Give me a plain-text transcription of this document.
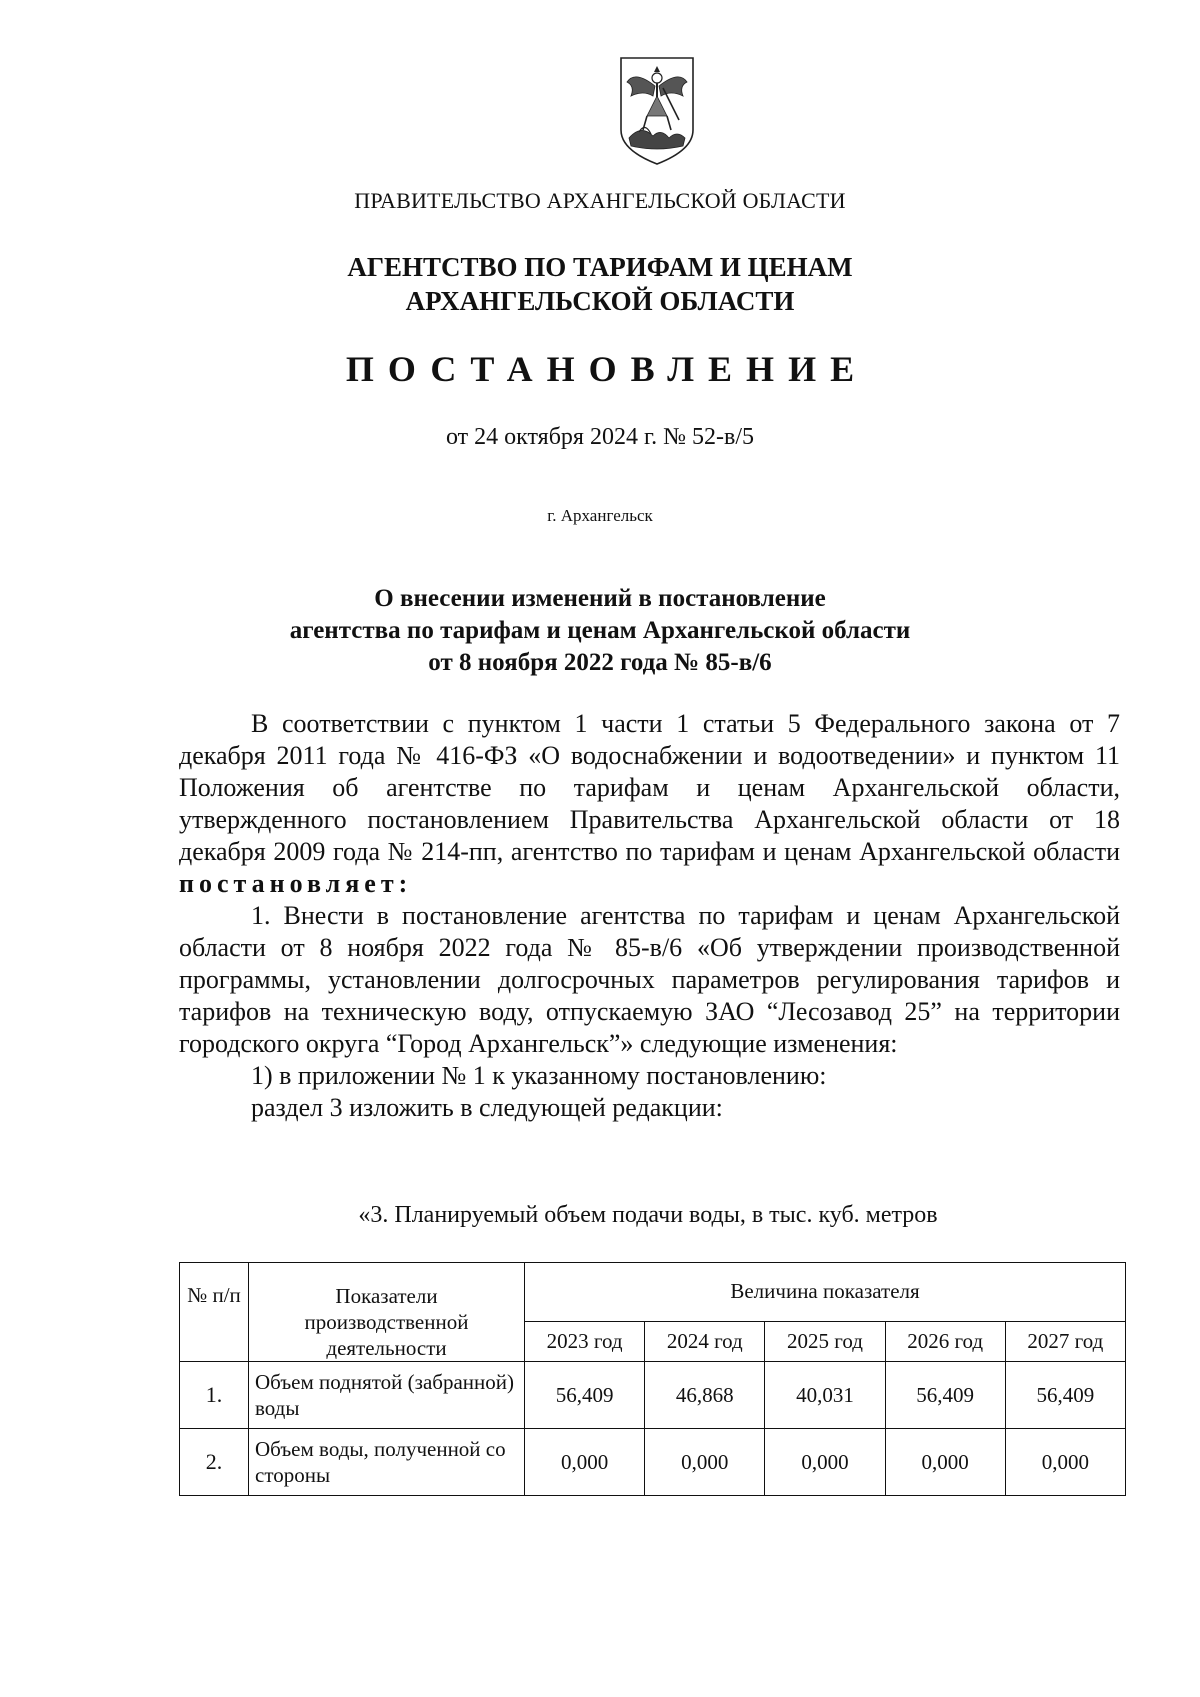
ПРАВИТЕЛЬСТВО АРХАНГЕЛЬСКОЙ ОБЛАСТИ
АГЕНТСТВО ПО ТАРИФАМ И ЦЕНАМ
АРХАНГЕЛЬСКОЙ ОБЛАСТИ
ПОСТАНОВЛЕНИЕ
от 24 октября 2024 г. № 52-в/5
г. Архангельск
О внесении изменений в постановление
агентства по тарифам и ценам Архангельской области
от 8 ноября 2022 года № 85-в/6

В соответствии с пунктом 1 части 1 статьи 5 Федерального закона от 7 декабря 2011 года № 416-ФЗ «О водоснабжении и водоотведении» и пунктом 11 Положения об агентстве по тарифам и ценам Архангельской области, утвержденного постановлением Правительства Архангельской области от 18 декабря 2009 года № 214-пп, агентство по тарифам и ценам Архангельской области постановляет:

1. Внести в постановление агентства по тарифам и ценам Архангельской области от 8 ноября 2022 года № 85-в/6 «Об утверждении производственной программы, установлении долгосрочных параметров регулирования тарифов и тарифов на техническую воду, отпускаемую ЗАО “Лесозавод 25” на территории городского округа “Город Архангельск”» следующие изменения:

1) в приложении № 1 к указанному постановлению:

раздел 3 изложить в следующей редакции:

«3. Планируемый объем подачи воды, в тыс. куб. метров
№ п/п	Показатели производственной деятельности	Величина показателя				
		2023 год	2024 год	2025 год	2026 год	2027 год
1.	Объем поднятой (забранной) воды	56,409	46,868	40,031	56,409	56,409
2.	Объем воды, полученной со стороны	0,000	0,000	0,000	0,000	0,000
